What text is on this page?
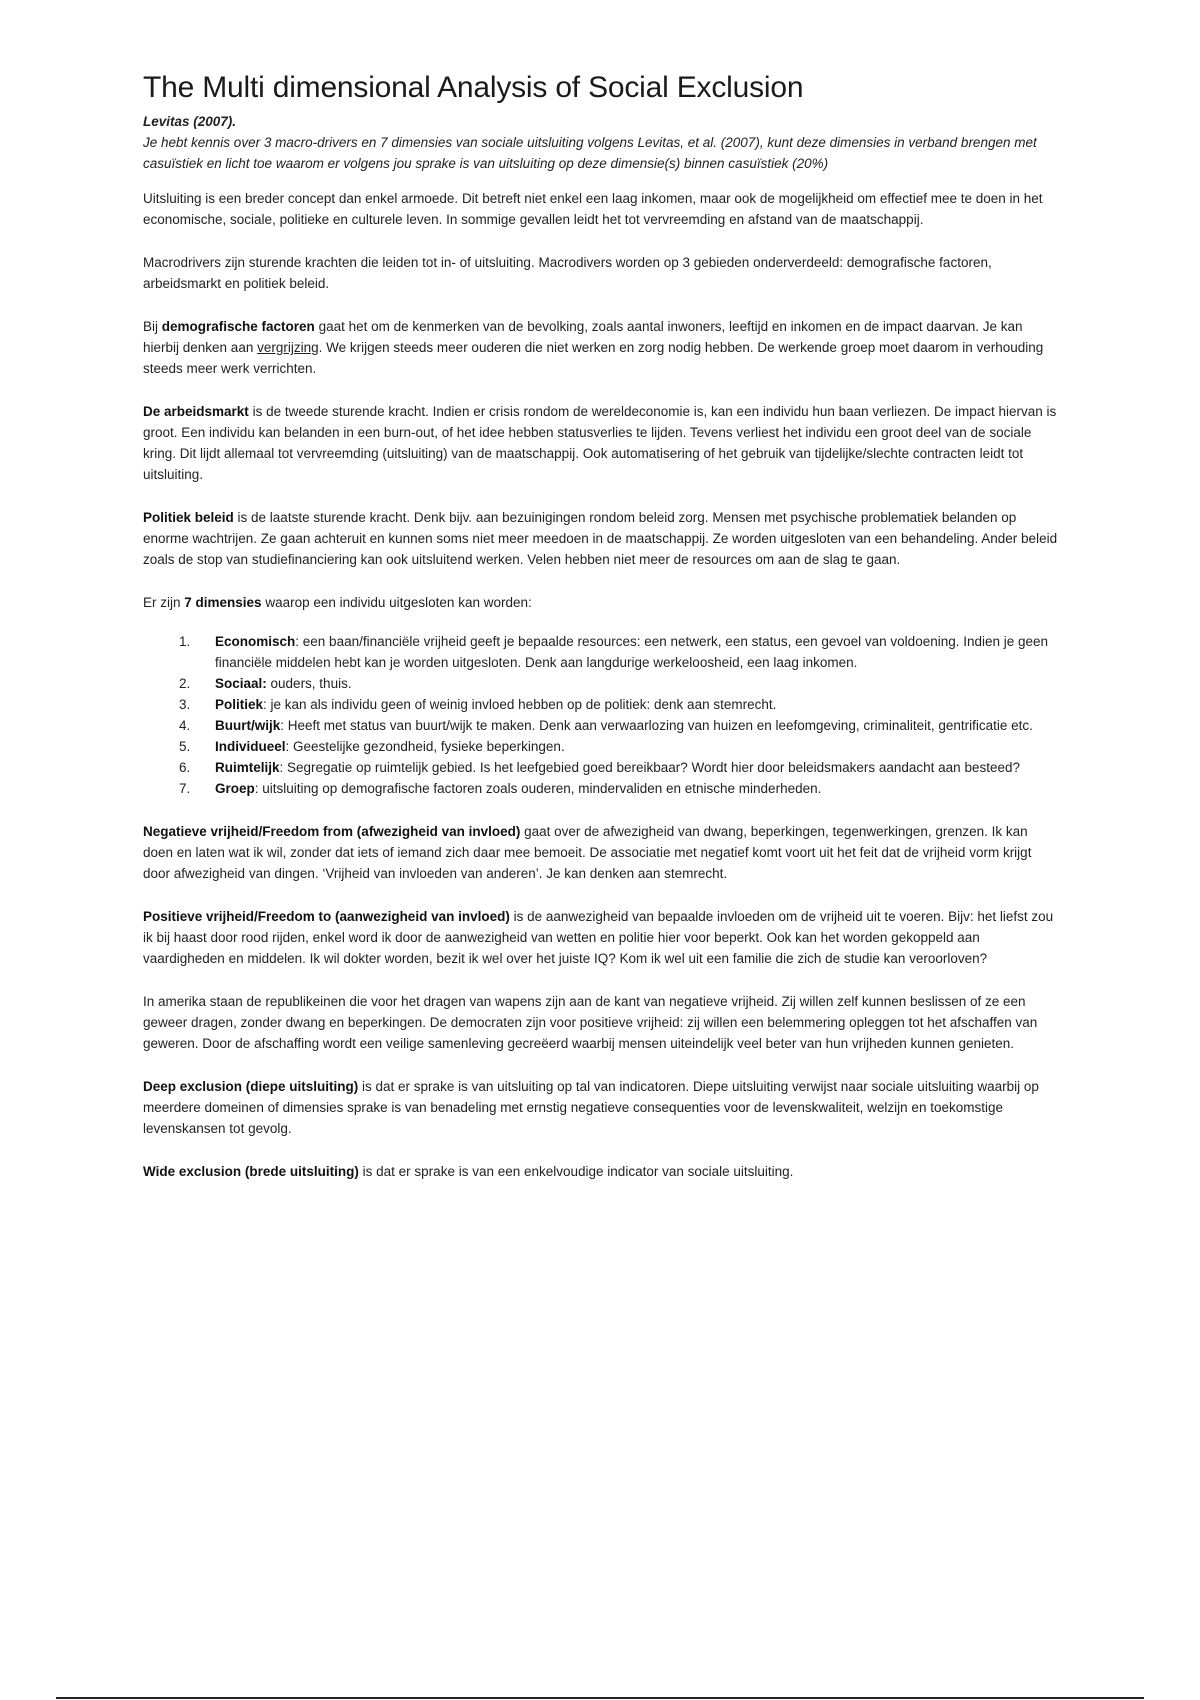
The Multi dimensional Analysis of Social Exclusion
Levitas (2007).
Je hebt kennis over 3 macro-drivers en 7 dimensies van sociale uitsluiting volgens Levitas, et al. (2007), kunt deze dimensies in verband brengen met casuïstiek en licht toe waarom er volgens jou sprake is van uitsluiting op deze dimensie(s) binnen casuïstiek (20%)

Uitsluiting is een breder concept dan enkel armoede. Dit betreft niet enkel een laag inkomen, maar ook de mogelijkheid om effectief mee te doen in het economische, sociale, politieke en culturele leven. In sommige gevallen leidt het tot vervreemding en afstand van de maatschappij.

Macrodrivers zijn sturende krachten die leiden tot in- of uitsluiting. Macrodivers worden op 3 gebieden onderverdeeld: demografische factoren, arbeidsmarkt en politiek beleid.

Bij demografische factoren gaat het om de kenmerken van de bevolking, zoals aantal inwoners, leeftijd en inkomen en de impact daarvan. Je kan hierbij denken aan vergrijzing. We krijgen steeds meer ouderen die niet werken en zorg nodig hebben. De werkende groep moet daarom in verhouding steeds meer werk verrichten.

De arbeidsmarkt is de tweede sturende kracht. Indien er crisis rondom de wereldeconomie is, kan een individu hun baan verliezen. De impact hiervan is groot. Een individu kan belanden in een burn-out, of het idee hebben statusverlies te lijden. Tevens verliest het individu een groot deel van de sociale kring. Dit lijdt allemaal tot vervreemding (uitsluiting) van de maatschappij. Ook automatisering of het gebruik van tijdelijke/slechte contracten leidt tot uitsluiting.

Politiek beleid is de laatste sturende kracht. Denk bijv. aan bezuinigingen rondom beleid zorg. Mensen met psychische problematiek belanden op enorme wachtrijen. Ze gaan achteruit en kunnen soms niet meer meedoen in de maatschappij. Ze worden uitgesloten van een behandeling. Ander beleid zoals de stop van studiefinanciering kan ook uitsluitend werken. Velen hebben niet meer de resources om aan de slag te gaan.

Er zijn 7 dimensies waarop een individu uitgesloten kan worden:

1. Economisch: een baan/financiële vrijheid geeft je bepaalde resources: een netwerk, een status, een gevoel van voldoening. Indien je geen financiële middelen hebt kan je worden uitgesloten. Denk aan langdurige werkeloosheid, een laag inkomen.
2. Sociaal: ouders, thuis.
3. Politiek: je kan als individu geen of weinig invloed hebben op de politiek: denk aan stemrecht.
4. Buurt/wijk: Heeft met status van buurt/wijk te maken. Denk aan verwaarlozing van huizen en leefomgeving, criminaliteit, gentrificatie etc.
5. Individueel: Geestelijke gezondheid, fysieke beperkingen.
6. Ruimtelijk: Segregatie op ruimtelijk gebied. Is het leefgebied goed bereikbaar? Wordt hier door beleidsmakers aandacht aan besteed?
7. Groep: uitsluiting op demografische factoren zoals ouderen, mindervaliden en etnische minderheden.

Negatieve vrijheid/Freedom from (afwezigheid van invloed) gaat over de afwezigheid van dwang, beperkingen, tegenwerkingen, grenzen. Ik kan doen en laten wat ik wil, zonder dat iets of iemand zich daar mee bemoeit. De associatie met negatief komt voort uit het feit dat de vrijheid vorm krijgt door afwezigheid van dingen. ‘Vrijheid van invloeden van anderen’. Je kan denken aan stemrecht.

Positieve vrijheid/Freedom to (aanwezigheid van invloed) is de aanwezigheid van bepaalde invloeden om de vrijheid uit te voeren. Bijv: het liefst zou ik bij haast door rood rijden, enkel word ik door de aanwezigheid van wetten en politie hier voor beperkt. Ook kan het worden gekoppeld aan vaardigheden en middelen. Ik wil dokter worden, bezit ik wel over het juiste IQ? Kom ik wel uit een familie die zich de studie kan veroorloven?

In amerika staan de republikeinen die voor het dragen van wapens zijn aan de kant van negatieve vrijheid. Zij willen zelf kunnen beslissen of ze een geweer dragen, zonder dwang en beperkingen. De democraten zijn voor positieve vrijheid: zij willen een belemmering opleggen tot het afschaffen van geweren. Door de afschaffing wordt een veilige samenleving gecreëerd waarbij mensen uiteindelijk veel beter van hun vrijheden kunnen genieten.

Deep exclusion (diepe uitsluiting) is dat er sprake is van uitsluiting op tal van indicatoren. Diepe uitsluiting verwijst naar sociale uitsluiting waarbij op meerdere domeinen of dimensies sprake is van benadeling met ernstig negatieve consequenties voor de levenskwaliteit, welzijn en toekomstige levenskansen tot gevolg.

Wide exclusion (brede uitsluiting) is dat er sprake is van een enkelvoudige indicator van sociale uitsluiting.
